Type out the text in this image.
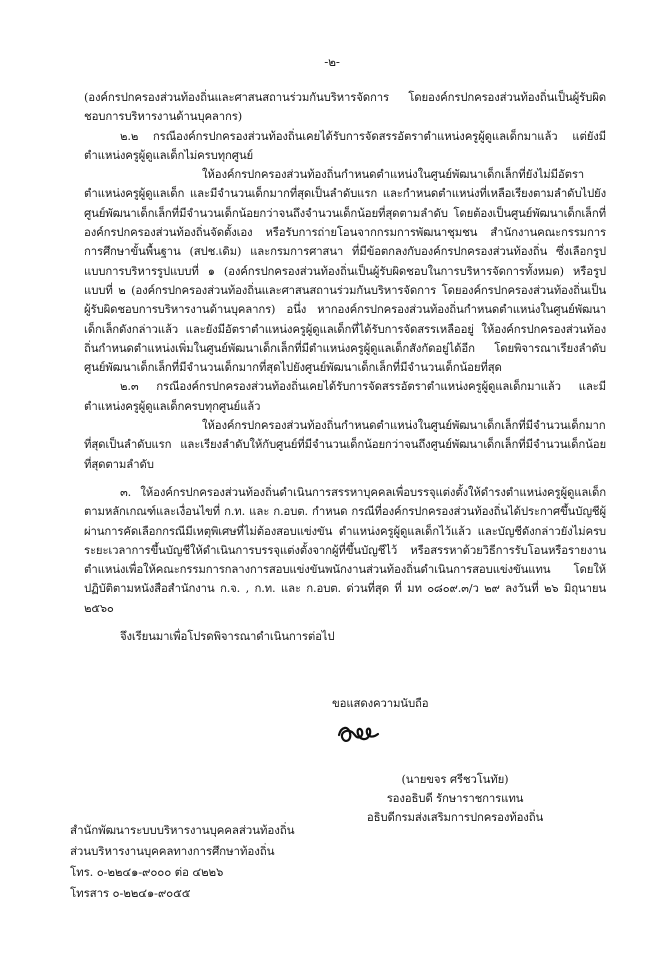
-๒-

(องค์กรปกครองส่วนท้องถิ่นและศาสนสถานร่วมกันบริหารจัดการ โดยองค์กรปกครองส่วนท้องถิ่นเป็นผู้รับผิดชอบการบริหารงานด้านบุคลากร)

๒.๒ กรณีองค์กรปกครองส่วนท้องถิ่นเคยได้รับการจัดสรรอัตราตำแหน่งครูผู้ดูแลเด็กมาแล้ว แต่ยังมีตำแหน่งครูผู้ดูแลเด็กไม่ครบทุกศูนย์

ให้องค์กรปกครองส่วนท้องถิ่นกำหนดตำแหน่งในศูนย์พัฒนาเด็กเล็กที่ยังไม่มีอัตราตำแหน่งครูผู้ดูแลเด็ก และมีจำนวนเด็กมากที่สุดเป็นลำดับแรก และกำหนดตำแหน่งที่เหลือเรียงตามลำดับไปยังศูนย์พัฒนาเด็กเล็กที่มีจำนวนเด็กน้อยกว่าจนถึงจำนวนเด็กน้อยที่สุดตามลำดับ โดยต้องเป็นศูนย์พัฒนาเด็กเล็กที่องค์กรปกครองส่วนท้องถิ่นจัดตั้งเอง หรือรับการถ่ายโอนจากกรมการพัฒนาชุมชน สำนักงานคณะกรรมการการศึกษาขั้นพื้นฐาน (สปช.เดิม) และกรมการศาสนา ที่มีข้อตกลงกับองค์กรปกครองส่วนท้องถิ่น ซึ่งเลือกรูปแบบการบริหารรูปแบบที่ ๑ (องค์กรปกครองส่วนท้องถิ่นเป็นผู้รับผิดชอบในการบริหารจัดการทั้งหมด) หรือรูปแบบที่ ๒ (องค์กรปกครองส่วนท้องถิ่นและศาสนสถานร่วมกันบริหารจัดการ โดยองค์กรปกครองส่วนท้องถิ่นเป็นผู้รับผิดชอบการบริหารงานด้านบุคลากร) อนึ่ง หากองค์กรปกครองส่วนท้องถิ่นกำหนดตำแหน่งในศูนย์พัฒนาเด็กเล็กดังกล่าวแล้ว และยังมีอัตราตำแหน่งครูผู้ดูแลเด็กที่ได้รับการจัดสรรเหลืออยู่ ให้องค์กรปกครองส่วนท้องถิ่นกำหนดตำแหน่งเพิ่มในศูนย์พัฒนาเด็กเล็กที่มีตำแหน่งครูผู้ดูแลเด็กสังกัดอยู่ได้อีก โดยพิจารณาเรียงลำดับศูนย์พัฒนาเด็กเล็กที่มีจำนวนเด็กมากที่สุดไปยังศูนย์พัฒนาเด็กเล็กที่มีจำนวนเด็กน้อยที่สุด

๒.๓ กรณีองค์กรปกครองส่วนท้องถิ่นเคยได้รับการจัดสรรอัตราตำแหน่งครูผู้ดูแลเด็กมาแล้ว และมีตำแหน่งครูผู้ดูแลเด็กครบทุกศูนย์แล้ว

ให้องค์กรปกครองส่วนท้องถิ่นกำหนดตำแหน่งในศูนย์พัฒนาเด็กเล็กที่มีจำนวนเด็กมากที่สุดเป็นลำดับแรก และเรียงลำดับให้กับศูนย์ที่มีจำนวนเด็กน้อยกว่าจนถึงศูนย์พัฒนาเด็กเล็กที่มีจำนวนเด็กน้อยที่สุดตามลำดับ

๓. ให้องค์กรปกครองส่วนท้องถิ่นดำเนินการสรรหาบุคคลเพื่อบรรจุแต่งตั้งให้ดำรงตำแหน่งครูผู้ดูแลเด็กตามหลักเกณฑ์และเงื่อนไขที่ ก.ท. และ ก.อบต. กำหนด กรณีที่องค์กรปกครองส่วนท้องถิ่นได้ประกาศขึ้นบัญชีผู้ผ่านการคัดเลือกกรณีมีเหตุพิเศษที่ไม่ต้องสอบแข่งขัน ตำแหน่งครูผู้ดูแลเด็กไว้แล้ว และบัญชีดังกล่าวยังไม่ครบระยะเวลาการขึ้นบัญชีให้ดำเนินการบรรจุแต่งตั้งจากผู้ที่ขึ้นบัญชีไว้ หรือสรรหาด้วยวิธีการรับโอนหรือรายงานตำแหน่งเพื่อให้คณะกรรมการกลางการสอบแข่งขันพนักงานส่วนท้องถิ่นดำเนินการสอบแข่งขันแทน โดยให้ปฏิบัติตามหนังสือสำนักงาน ก.จ. , ก.ท. และ ก.อบต. ด่วนที่สุด ที่ มท ๐๘๐๙.๓/ว ๒๙ ลงวันที่ ๒๖ มิถุนายน ๒๕๖๐

จึงเรียนมาเพื่อโปรดพิจารณาดำเนินการต่อไป

ขอแสดงความนับถือ
(นายขจร ศรีชวโนทัย)
รองอธิบดี รักษาราชการแทน
อธิบดีกรมส่งเสริมการปกครองท้องถิ่น
สำนักพัฒนาระบบบริหารงานบุคคลส่วนท้องถิ่น
ส่วนบริหารงานบุคคลทางการศึกษาท้องถิ่น
โทร. ๐-๒๒๔๑-๙๐๐๐ ต่อ ๔๒๒๖
โทรสาร ๐-๒๒๔๑-๙๐๕๕
